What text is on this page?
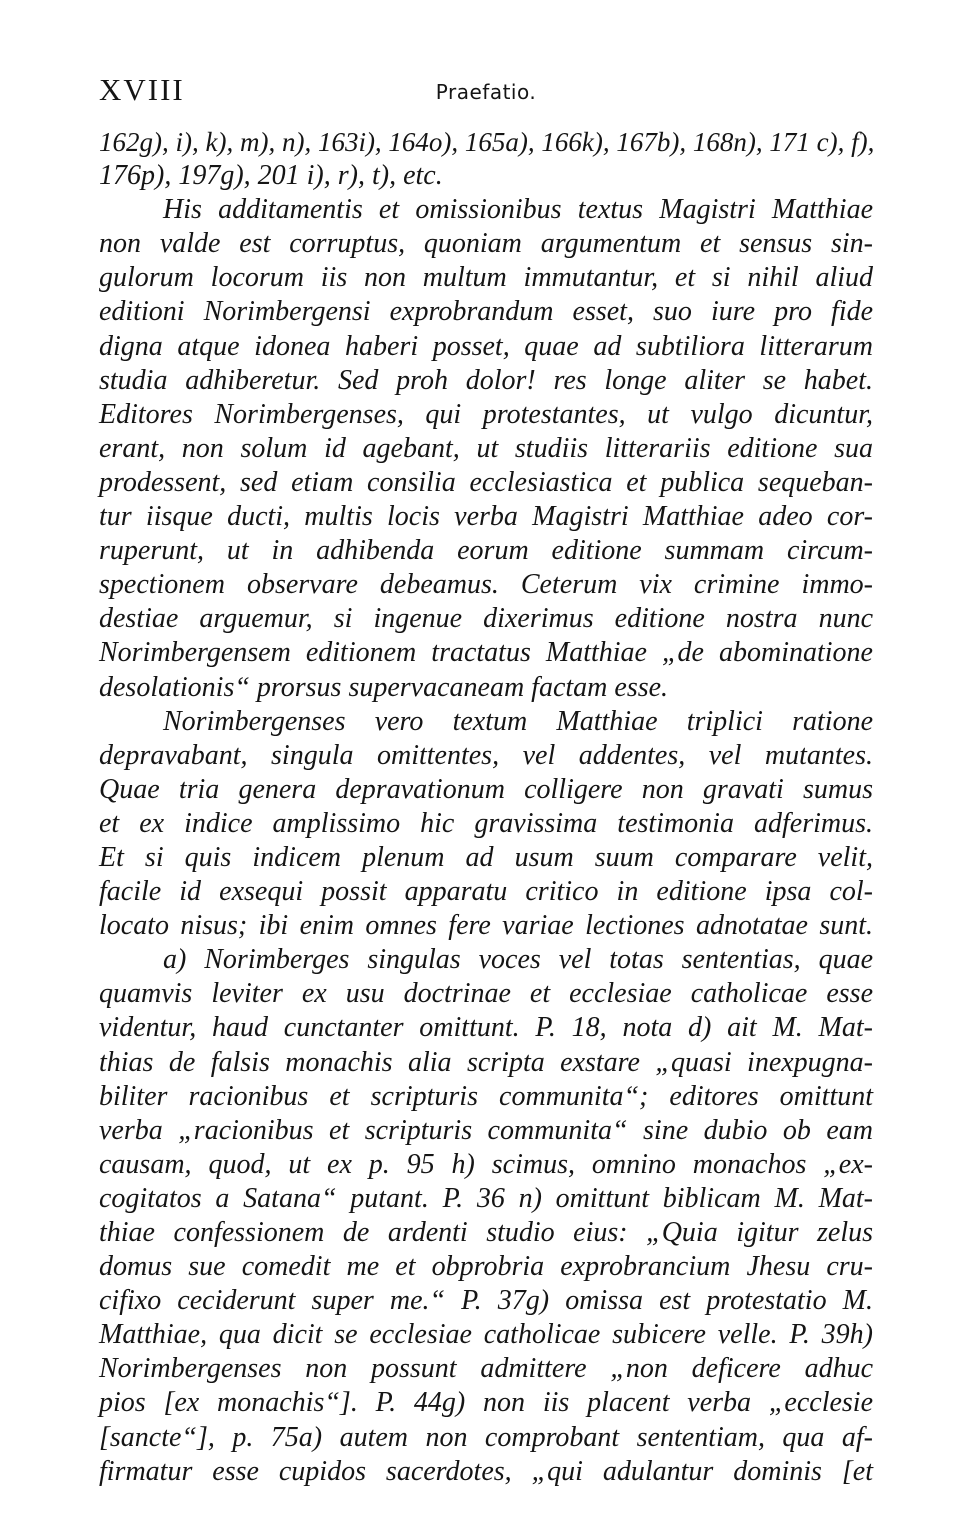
XVIII	Praefatio.
162g), i), k), m), n), 163i), 164o), 165a), 166k), 167b), 168n), 171 c), f),
176p), 197g), 201 i), r), t), etc.
His additamentis et omissionibus textus Magistri Matthiae
non valde est corruptus, quoniam argumentum et sensus sin-
gulorum locorum iis non multum immutantur, et si nihil aliud
editioni Norimbergensi exprobrandum esset, suo iure pro fide
digna atque idonea haberi posset, quae ad subtiliora litterarum
studia adhiberetur. Sed proh dolor! res longe aliter se habet.
Editores Norimbergenses, qui protestantes, ut vulgo dicuntur,
erant, non solum id agebant, ut studiis litterariis editione sua
prodessent, sed etiam consilia ecclesiastica et publica sequeban-
tur iisque ducti, multis locis verba Magistri Matthiae adeo cor-
ruperunt, ut in adhibenda eorum editione summam circum-
spectionem observare debeamus. Ceterum vix crimine immo-
destiae arguemur, si ingenue dixerimus editione nostra nunc
Norimbergensem editionem tractatus Matthiae „de abominatione
desolationis“ prorsus supervacaneam factam esse.
Norimbergenses vero textum Matthiae triplici ratione
depravabant, singula omittentes, vel addentes, vel mutantes.
Quae tria genera depravationum colligere non gravati sumus
et ex indice amplissimo hic gravissima testimonia adferimus.
Et si quis indicem plenum ad usum suum comparare velit,
facile id exsequi possit apparatu critico in editione ipsa col-
locato nisus; ibi enim omnes fere variae lectiones adnotatae sunt.
a) Norimberges singulas voces vel totas sententias, quae
quamvis leviter ex usu doctrinae et ecclesiae catholicae esse
videntur, haud cunctanter omittunt. P. 18, nota d) ait M. Mat-
thias de falsis monachis alia scripta exstare „quasi inexpugna-
biliter racionibus et scripturis communita“; editores omittunt
verba „racionibus et scripturis communita“ sine dubio ob eam
causam, quod, ut ex p. 95 h) scimus, omnino monachos „ex-
cogitatos a Satana“ putant. P. 36 n) omittunt biblicam M. Mat-
thiae confessionem de ardenti studio eius: „Quia igitur zelus
domus sue comedit me et obprobria exprobrancium Jhesu cru-
cifixo ceciderunt super me.“ P. 37g) omissa est protestatio M.
Matthiae, qua dicit se ecclesiae catholicae subicere velle. P. 39h)
Norimbergenses non possunt admittere „non deficere adhuc
pios [ex monachis“]. P. 44g) non iis placent verba „ecclesie
[sancte“], p. 75a) autem non comprobant sententiam, qua af-
firmatur esse cupidos sacerdotes, „qui adulantur dominis [et
